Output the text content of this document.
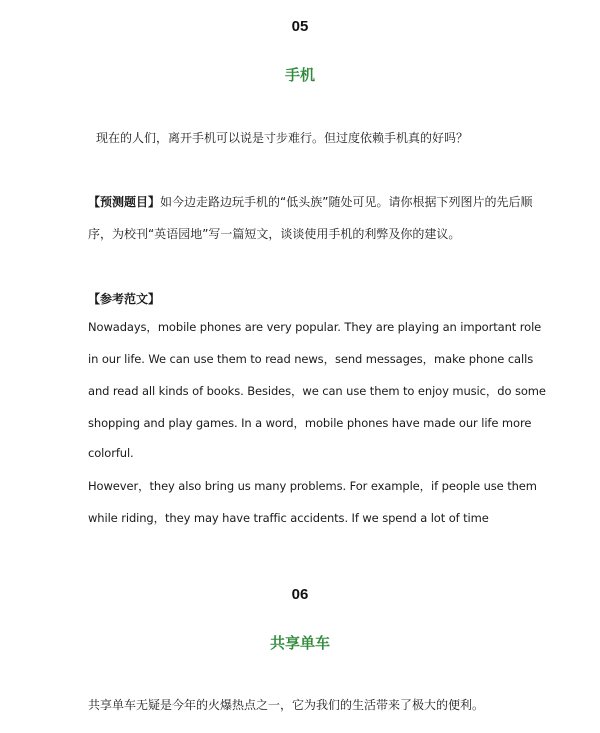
05
手机
现在的人们，离开手机可以说是寸步难行。但过度依赖手机真的好吗？
【预测题目】如今边走路边玩手机的“低头族”随处可见。请你根据下列图片的先后顺
序，为校刊“英语园地”写一篇短文，谈谈使用手机的利弊及你的建议。
【参考范文】
Nowadays，mobile phones are very popular. They are playing an important role
in our life. We can use them to read news，send messages，make phone calls
and read all kinds of books. Besides，we can use them to enjoy music，do some
shopping and play games. In a word，mobile phones have made our life more
colorful.
However，they also bring us many problems. For example，if people use them
while riding，they may have traffic accidents. If we spend a lot of time
06
共享单车
共享单车无疑是今年的火爆热点之一，它为我们的生活带来了极大的便利。
